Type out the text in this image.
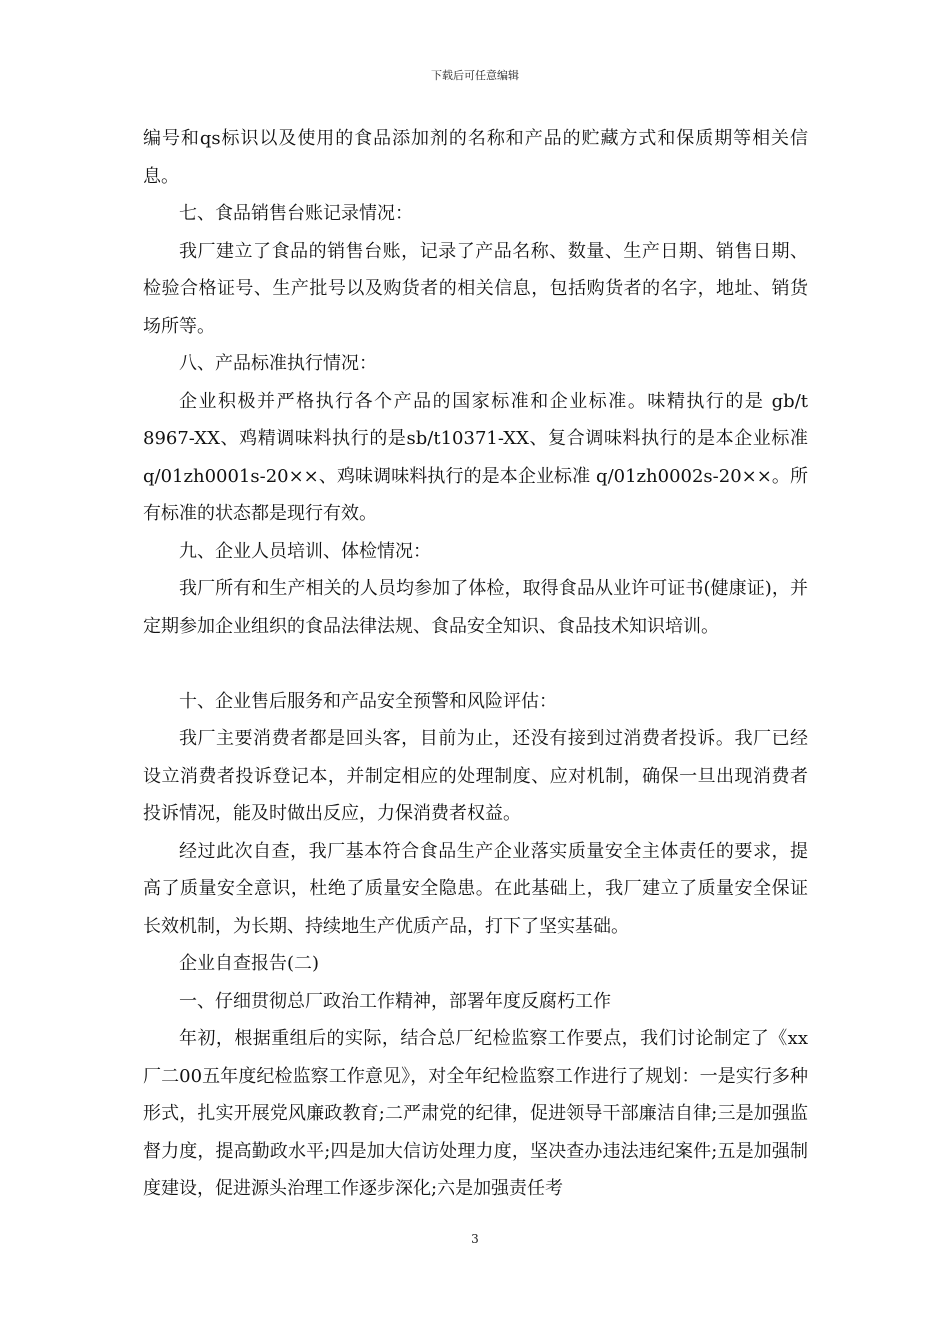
下载后可任意编辑

编号和qs标识以及使用的食品添加剂的名称和产品的贮藏方式和保质期等相关信息。

七、食品销售台账记录情况：

我厂建立了食品的销售台账，记录了产品名称、数量、生产日期、销售日期、检验合格证号、生产批号以及购货者的相关信息，包括购货者的名字，地址、销货场所等。

八、产品标准执行情况：

企业积极并严格执行各个产品的国家标准和企业标准。味精执行的是 gb/t 8967-XX、鸡精调味料执行的是sb/t10371-XX、复合调味料执行的是本企业标准 q/01zh0001s-20××、鸡味调味料执行的是本企业标准 q/01zh0002s-20××。所有标准的状态都是现行有效。

九、企业人员培训、体检情况：

我厂所有和生产相关的人员均参加了体检，取得食品从业许可证书(健康证)，并定期参加企业组织的食品法律法规、食品安全知识、食品技术知识培训。

十、企业售后服务和产品安全预警和风险评估：

我厂主要消费者都是回头客，目前为止，还没有接到过消费者投诉。我厂已经设立消费者投诉登记本，并制定相应的处理制度、应对机制，确保一旦出现消费者投诉情况，能及时做出反应，力保消费者权益。

经过此次自查，我厂基本符合食品生产企业落实质量安全主体责任的要求，提高了质量安全意识，杜绝了质量安全隐患。在此基础上，我厂建立了质量安全保证长效机制，为长期、持续地生产优质产品，打下了坚实基础。

企业自查报告(二)

一、仔细贯彻总厂政治工作精神，部署年度反腐朽工作

年初，根据重组后的实际，结合总厂纪检监察工作要点，我们讨论制定了《xx厂二00五年度纪检监察工作意见》，对全年纪检监察工作进行了规划：一是实行多种形式，扎实开展党风廉政教育;二严肃党的纪律，促进领导干部廉洁自律;三是加强监督力度，提高勤政水平;四是加大信访处理力度，坚决查办违法违纪案件;五是加强制度建设，促进源头治理工作逐步深化;六是加强责任考

3
